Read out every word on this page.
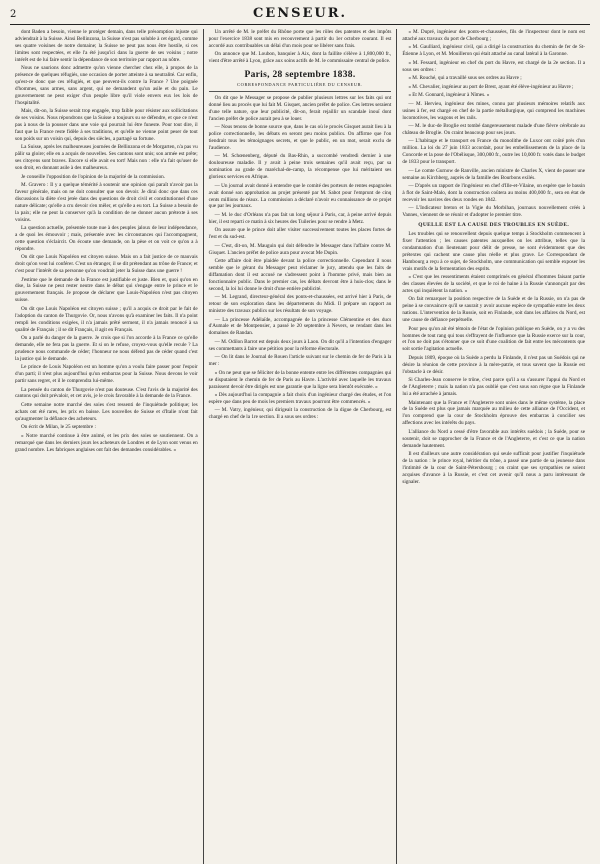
2	CENSEUR.

dont Baden a besoin, vienne le protéger demain, dans telle présomption injuste qui adviendrait à la Suisse. Ainsi Bellinzona, la Suisse n'est pas soluble à cet égard, comme ses quatre voisines de notre domaine; la Suisse ne peut pas nous être hostile, si ces limites sont respectées, et elle l'a été jusqu'ici dans la guerre de ses voisins ; notre intérêt est de lui faire sentir la dépendance de son territoire par rapport au nôtre.

Nous ne saurions donc admettre qu'on vienne chercher chez elle, à propos de la présence de quelques réfugiés, une occasion de porter atteinte à sa neutralité. Car enfin, qu'est-ce donc que ces réfugiés, et que peuvent-ils contre la France ? Une poignée d'hommes, sans armes, sans argent, qui ne demandent qu'un asile et du pain. Le gouvernement ne peut exiger d'un peuple libre qu'il viole envers eux les lois de l'hospitalité.

Mais, dit-on, la Suisse serait trop engagée, trop faible pour résister aux sollicitations de ses voisins. Nous répondrons que la Suisse a toujours su se défendre, et que ce n'est pas à nous de la pousser dans une voie qui pourrait lui être funeste. Pour tout dire, il faut que la France reste fidèle à ses traditions, et qu'elle ne vienne point peser de tout son poids sur un voisin qui, depuis des siècles, a partagé sa fortune.

La Suisse, après les malheureuses journées de Bellinzona et de Morgarten, n'a pas vu pâlir sa gloire; elle en a acquis de nouvelles. Ses cantons sont unis; son armée est prête; ses citoyens sont braves. Encore si elle avait eu tort! Mais non : elle n'a fait qu'user de son droit, en donnant asile à des malheureux.

Je conseille l'opposition de l'opinion de la majorité de la commission.

M. Gravero : Il y a quelque témérité à soutenir une opinion qui paraît n'avoir pas la faveur générale, mais on ne doit consulter que son devoir. Je dirai donc que dans ces discussions la diète s'est jetée dans des questions de droit civil et constitutionnel d'une nature délicate; qu'elle a cru devoir s'en mêler, et qu'elle a eu tort. La Suisse a besoin de la paix; elle ne peut la conserver qu'à la condition de ne donner aucun prétexte à ses voisins.

La question actuelle, présentée toute nue à des peuples jaloux de leur indépendance, a de quoi les émouvoir ; mais, présentée avec les circonstances qui l'accompagnent, cette question s'éclaircit. On écoute une demande, on la pèse et on voit ce qu'on a à répondre.

On dit que Louis Napoléon est citoyen suisse. Mais on a fait justice de ce mauvais droit qu'on veut lui conférer. C'est un étranger, il se dit prétendant au trône de France; et c'est pour l'intérêt de sa personne qu'on voudrait jeter la Suisse dans une guerre !

J'estime que le demande de la France est justifiable et juste. Bien et, quoi qu'on en dise, la Suisse ne peut rester neutre dans le débat qui s'engage entre le prince et le gouvernement français. Je propose de déclarer que Louis-Napoléon n'est pas citoyen suisse.

On dit que Louis Napoléon est citoyen suisse ; qu'il a acquis ce droit par le fait de l'adoption du canton de Thurgovie. Or, nous n'avons qu'à examiner les faits. Il n'a point rempli les conditions exigées, il n'a jamais prêté serment, il n'a jamais renoncé à sa qualité de Français ; il se dit Français, il agit en Français.

On a parlé du danger de la guerre. Je crois que si l'on accorde à la France ce qu'elle demande, elle ne fera pas la guerre. Et si on le refuse, croyez-vous qu'elle recule ? La prudence nous commande de céder; l'honneur ne nous défend pas de céder quand c'est la justice qui le demande.

Le prince de Louis Napoléon est un homme qu'on a voulu faire passer pour l'espoir d'un parti; il n'est plus aujourd'hui qu'un embarras pour la Suisse. Nous devons le voir partir sans regret, et il le comprendra lui-même.

La pensée du canton de Thurgovie n'est pas douteuse. C'est l'avis de la majorité des cantons qui doit prévaloir, et cet avis, je le crois favorable à la demande de la France.

Cette semaine notre marché des soies s'est ressenti de l'inquiétude politique; les achats ont été rares, les prix en baisse. Les nouvelles de Suisse et d'Italie n'ont fait qu'augmenter la défiance des acheteurs.

On écrit de Milan, le 25 septembre :

« Notre marché continue à être animé, et les prix des soies se soutiennent. On a remarqué que dans les derniers jours les acheteurs de Londres et de Lyon sont venus en grand nombre. Les fabriques anglaises ont fait des demandes considérables. »

Un arrêté de M. le préfet du Rhône porte que les rôles des patentes et des impôts pour l'exercice 1838 sont mis en recouvrement à partir du 1er octobre courant. Il est accordé aux contribuables un délai d'un mois pour se libérer sans frais.

On annonce que M. Loubon, banquier à Aix, dont la faillite s'élève à 1,800,000 fr., vient d'être arrêté à Lyon, grâce aux soins actifs de M. le commissaire central de police.

Paris, 28 septembre 1838.
CORRESPONDANCE PARTICULIÈRE DU CENSEUR.

On dit que le Messager se propose de publier plusieurs lettres sur les faits qui ont donné lieu au procès que lui fait M. Gisquet, ancien préfet de police. Ces lettres seraient d'une telle nature, que leur publicité, dit-on, ferait rejaillir un scandale inouï dont l'ancien préfet de police aurait peu à se louer.

— Nous tenons de bonne source que, dans le cas où le procès Gisquet aurait lieu à la police correctionnelle, les débats en seront peu moins publics. On affirme que l'on tiendrait tous les témoignages secrets, et que le public, en un mot, serait exclu de l'audience.

— M. Schœnenberg, député du Bas-Rhin, a succombé vendredi dernier à une douloureuse maladie. Il y avait à peine trois semaines qu'il avait reçu, par sa nomination au grade de maréchal-de-camp, la récompense que lui méritaient ses glorieux services en Afrique.

— Un journal avait donné à entendre que le comité des porteurs de rentes espagnoles avait donné son approbation au projet présenté par M. Sabot pour l'emprunt de cinq cents millions de réaux. La commission a déclaré n'avoir eu connaissance de ce projet que par les journaux.

— M. le duc d'Orléans n'a pas fait un long séjour à Paris, car, à peine arrivé depuis hier, il est reparti ce matin à six heures des Tuileries pour se rendre à Metz.

On assure que le prince doit aller visiter successivement toutes les places fortes de l'est et du sud-est.

— C'est, dit-on, M. Mauguin qui doit défendre le Messager dans l'affaire contre M. Gisquet. L'ancien préfet de police aura pour avocat Me Dupin.

Cette affaire doit être plaidée devant la police correctionnelle. Cependant il nous semble que le gérant du Messager peut réclamer le jury, attendu que les faits de diffamation dont il est accusé ne s'adressent point à l'homme privé, mais bien au fonctionnaire public. Dans le premier cas, les débats devront être à huis-clos; dans le second, la loi lui donne le droit d'une entière publicité.

— M. Legrand, directeur-général des ponts-et-chaussées, est arrivé hier à Paris, de retour de son exploration dans les départements du Midi. Il prépare un rapport au ministre des travaux publics sur les résultats de son voyage.

— La princesse Adélaïde, accompagnée de la princesse Clémentine et des ducs d'Aumale et de Montpensier, a passé le 20 septembre à Nevers, se rendant dans les domaines de Randan.

— M. Odilon Barrot est depuis deux jours à Laon. On dit qu'il a l'intention d'engager ses commettants à faire une pétition pour la réforme électorale.

— On lit dans le Journal de Rouen l'article suivant sur le chemin de fer de Paris à la mer :

« On ne peut que se féliciter de la bonne entente entre les différentes compagnies qui se disputaient le chemin de fer de Paris au Havre. L'activité avec laquelle les travaux paraissent devoir être dirigés est une garantie que la ligne sera bientôt exécutée. »

« Dès aujourd'hui la compagnie a fait choix d'un ingénieur chargé des études, et l'on espère que dans peu de mois les premiers travaux pourront être commencés. »

— M. Vatry, ingénieur, qui dirigeait la construction de la digue de Cherbourg, est chargé en chef de la 1re section. Il a sous ses ordres :

« M. Dupré, ingénieur des ponts-et-chaussées, fils de l'inspecteur dont le nom est attaché aux travaux du port de Cherbourg ;

« M. Gaulliard, ingénieur civil, qui a dirigé la construction du chemin de fer de St-Étienne à Lyon, et M. Mouilleron qui était attaché au canal latéral à la Garonne.

« M. Fessard, ingénieur en chef du port du Havre, est chargé de la 2e section. Il a sous ses ordres :

« M. Rouché, qui a travaillé sous ses ordres au Havre ;

« M. Chevalier, ingénieur au port de Brest, ayant été élève-ingénieur au Havre ;

« Et M. Gonnard, ingénieur à Nîmes. »

— M. Hervieu, ingénieur des mines, connu par plusieurs mémoires relatifs aux usines à fer, est chargé en chef de la partie métallurgique, qui comprend les machines locomotives, les wagons et les rails.

— M. le duc-de Broglie est tombé dangereusement malade d'une fièvre cérébrale au château de Broglie. On craint beaucoup pour ses jours.

— L'habitage et le transport en France du monolithe de Luxor ont coûté près d'un million. La loi du 27 juin 1833 accordait, pour les embellissements de la place de la Concorde et la pose de l'Obélisque, 300,000 fr., outre les 10,000 fr. votés dans le budget de 1833 pour le transport.

— Le comte Gurnow de Ranville, ancien ministre de Charles X, vient de passer une semaine au Kirchberg, auprès de la famille des Bourbons exilés.

— D'après un rapport de l'ingénieur en chef d'Ille-et-Vilaine, on espère que le bassin à flot de Saint-Malo, dont la construction coûtera au moins 400,000 fr., sera en état de recevoir les navires des deux rondes en 1842.

— L'Indicateur breton et la Vigie du Morbihan, journaux nouvellement créés à Vannes, viennent de se réunir et d'adopter le premier titre.

QUELLE EST LA CAUSE DES TROUBLES EN SUÈDE.

Les troubles qui se renouvellent depuis quelque temps à Stockholm commencent à fixer l'attention ; les causes patentes auxquelles on les attribue, telles que la condamnation d'un lieutenant pour délit de presse, ne sont évidemment que des prétextes qui cachent une cause plus réelle et plus grave. Le Correspondant de Hambourg a reçu à ce sujet, de Stockholm, une communication qui semble exposer les vrais motifs de la fermentation des esprits.

« C'est que les ressentiments étaient comprimés en général d'hommes faisant partie des classes élevées de la société, et que le roi de haine à la Russie s'annonçait par des actes qui inquiètent la nation. »

On fait remarquer la position respective de la Suède et de la Russie, on n'a pas de peine à se convaincre qu'il se saurait y avoir aucune espèce de sympathie entre les deux nations. L'intervention de la Russie, soit en Finlande, soit dans les affaires du Nord, est une cause de défiance perpétuelle.

Pour peu qu'on ait été témoin de l'état de l'opinion publique en Suède, on y a vu des hommes de tout rang qui tous s'effrayent de l'influence que la Russie exerce sur la cour, et l'on ne doit pas s'étonner que ce soit d'une coalition de fait entre les mécontents que soit sortie l'agitation actuelle.

Depuis 1809, époque où la Suède a perdu la Finlande, il n'est pas un Suédois qui ne désire la réunion de cette province à la mère-patrie, et tous savent que la Russie est l'obstacle à ce désir.

Si Charles-Jean conserve le trône, c'est parce qu'il a su s'assurer l'appui du Nord et de l'Angleterre ; mais la nation n'a pas oublié que c'est sous son règne que la Finlande lui a été arrachée à jamais.

Maintenant que la France et l'Angleterre sont unies dans le même système, la place de la Suède est plus que jamais marquée au milieu de cette alliance de l'Occident, et l'on comprend que la cour de Stockholm éprouve des embarras à concilier ses affections avec les intérêts du pays.

L'alliance du Nord a cessé d'être favorable aux intérêts suédois ; la Suède, pour se soutenir, doit se rapprocher de la France et de l'Angleterre, et c'est ce que la nation demande hautement.

Il est d'ailleurs une autre considération qui seule suffirait pour justifier l'inquiétude de la nation : le prince royal, héritier du trône, a passé une partie de sa jeunesse dans l'intimité de la cour de Saint-Pétersbourg ; on craint que ses sympathies ne soient acquises d'avance à la Russie, et c'est cet avenir qu'il nous a paru intéressant de signaler.
